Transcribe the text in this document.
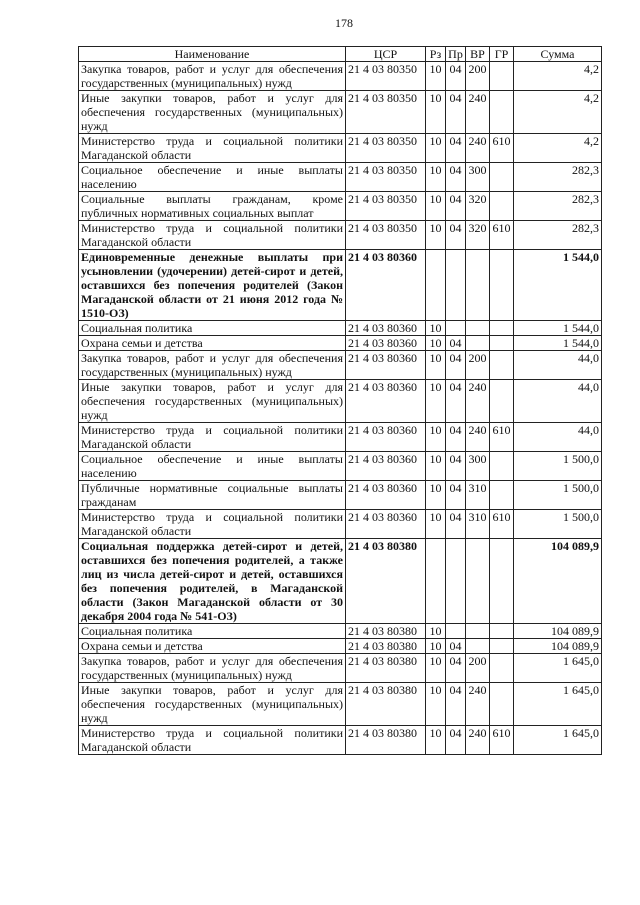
178
Наименование	ЦСР	Рз	Пр	ВР	ГР	Сумма
Закупка товаров, работ и услуг для обеспечения государственных (муниципальных) нужд	21 4 03 80350	10	04	200		4,2
Иные закупки товаров, работ и услуг для обеспечения государственных (муниципальных) нужд	21 4 03 80350	10	04	240		4,2
Министерство труда и социальной политики Магаданской области	21 4 03 80350	10	04	240	610	4,2
Социальное обеспечение и иные выплаты населению	21 4 03 80350	10	04	300		282,3
Социальные выплаты гражданам, кроме публичных нормативных социальных выплат	21 4 03 80350	10	04	320		282,3
Министерство труда и социальной политики Магаданской области	21 4 03 80350	10	04	320	610	282,3
Единовременные денежные выплаты при усыновлении (удочерении) детей-сирот и детей, оставшихся без попечения родителей (Закон Магаданской области от 21 июня 2012 года № 1510-ОЗ)	21 4 03 80360					1 544,0
Социальная политика	21 4 03 80360	10				1 544,0
Охрана семьи и детства	21 4 03 80360	10	04			1 544,0
Закупка товаров, работ и услуг для обеспечения государственных (муниципальных) нужд	21 4 03 80360	10	04	200		44,0
Иные закупки товаров, работ и услуг для обеспечения государственных (муниципальных) нужд	21 4 03 80360	10	04	240		44,0
Министерство труда и социальной политики Магаданской области	21 4 03 80360	10	04	240	610	44,0
Социальное обеспечение и иные выплаты населению	21 4 03 80360	10	04	300		1 500,0
Публичные нормативные социальные выплаты гражданам	21 4 03 80360	10	04	310		1 500,0
Министерство труда и социальной политики Магаданской области	21 4 03 80360	10	04	310	610	1 500,0
Социальная поддержка детей-сирот и детей, оставшихся без попечения родителей, а также лиц из числа детей-сирот и детей, оставшихся без попечения родителей, в Магаданской области (Закон Магаданской области от 30 декабря 2004 года № 541-ОЗ)	21 4 03 80380					104 089,9
Социальная политика	21 4 03 80380	10				104 089,9
Охрана семьи и детства	21 4 03 80380	10	04			104 089,9
Закупка товаров, работ и услуг для обеспечения государственных (муниципальных) нужд	21 4 03 80380	10	04	200		1 645,0
Иные закупки товаров, работ и услуг для обеспечения государственных (муниципальных) нужд	21 4 03 80380	10	04	240		1 645,0
Министерство труда и социальной политики Магаданской области	21 4 03 80380	10	04	240	610	1 645,0
